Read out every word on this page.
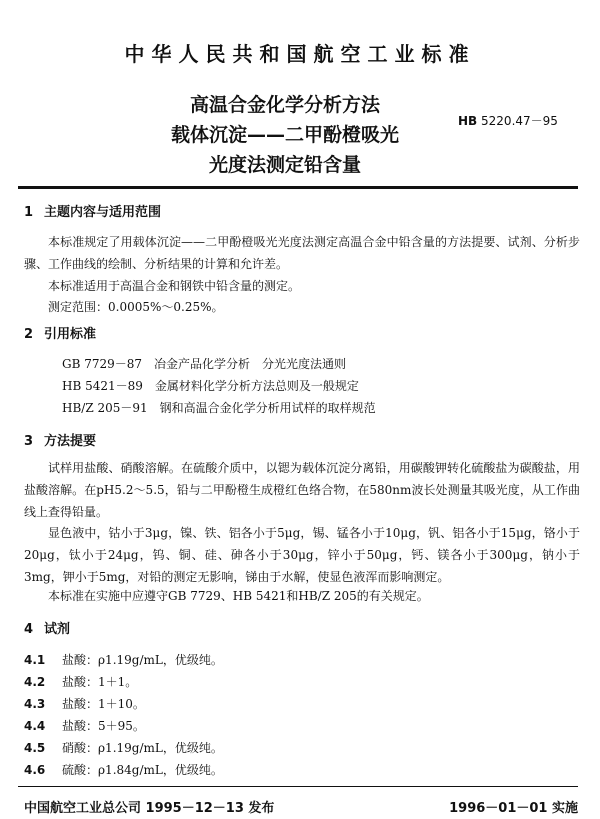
中华人民共和国航空工业标准
高温合金化学分析方法
载体沉淀——二甲酚橙吸光
光度法测定铅含量
HB 5220.47－95
1 主题内容与适用范围
本标准规定了用载体沉淀——二甲酚橙吸光光度法测定高温合金中铅含量的方法提要、试剂、分析步骤、工作曲线的绘制、分析结果的计算和允许差。
本标准适用于高温合金和钢铁中铅含量的测定。
测定范围：0.0005%～0.25%。
2 引用标准
GB 7729－87　冶金产品化学分析　分光光度法通则
HB 5421－89　金属材料化学分析方法总则及一般规定
HB/Z 205－91　钢和高温合金化学分析用试样的取样规范
3 方法提要
试样用盐酸、硝酸溶解。在硫酸介质中，以锶为载体沉淀分离铅，用碳酸钾转化硫酸盐为碳酸盐，用盐酸溶解。在pH5.2～5.5，铅与二甲酚橙生成橙红色络合物，在580nm波长处测量其吸光度，从工作曲线上查得铅量。
显色液中，钴小于3μg，镍、铁、铝各小于5μg，锡、锰各小于10μg，钒、铝各小于15μg，铬小于20μg，钛小于24μg，钨、铜、硅、砷各小于30μg，锌小于50μg，钙、镁各小于300μg，钠小于3mg，钾小于5mg，对铅的测定无影响，锑由于水解，使显色液浑而影响测定。
本标准在实施中应遵守GB 7729、HB 5421和HB/Z 205的有关规定。
4 试剂
4.1 盐酸：ρ1.19g/mL，优级纯。
4.2 盐酸：1＋1。
4.3 盐酸：1＋10。
4.4 盐酸：5＋95。
4.5 硝酸：ρ1.19g/mL，优级纯。
4.6 硫酸：ρ1.84g/mL，优级纯。
中国航空工业总公司 1995－12－13 发布	1996－01－01 实施
